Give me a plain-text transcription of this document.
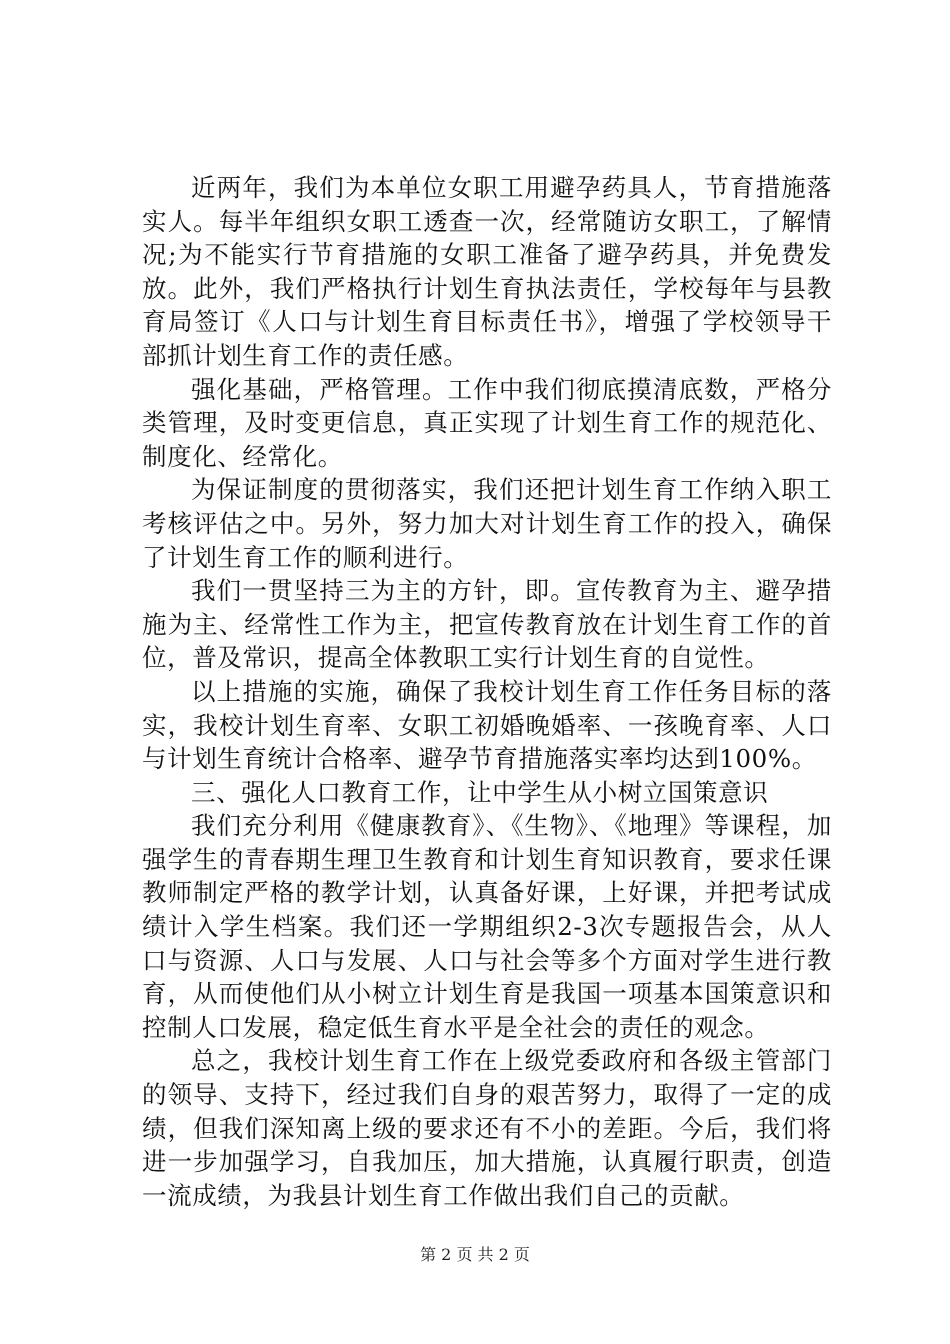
近两年，我们为本单位女职工用避孕药具人，节育措施落实人。每半年组织女职工透查一次，经常随访女职工，了解情况;为不能实行节育措施的女职工准备了避孕药具，并免费发放。此外，我们严格执行计划生育执法责任，学校每年与县教育局签订《人口与计划生育目标责任书》，增强了学校领导干部抓计划生育工作的责任感。

强化基础，严格管理。工作中我们彻底摸清底数，严格分类管理，及时变更信息，真正实现了计划生育工作的规范化、制度化、经常化。

为保证制度的贯彻落实，我们还把计划生育工作纳入职工考核评估之中。另外，努力加大对计划生育工作的投入，确保了计划生育工作的顺利进行。

我们一贯坚持三为主的方针，即。宣传教育为主、避孕措施为主、经常性工作为主，把宣传教育放在计划生育工作的首位，普及常识，提高全体教职工实行计划生育的自觉性。

以上措施的实施，确保了我校计划生育工作任务目标的落实，我校计划生育率、女职工初婚晚婚率、一孩晚育率、人口与计划生育统计合格率、避孕节育措施落实率均达到100%。

三、强化人口教育工作，让中学生从小树立国策意识

我们充分利用《健康教育》、《生物》、《地理》等课程，加强学生的青春期生理卫生教育和计划生育知识教育，要求任课教师制定严格的教学计划，认真备好课，上好课，并把考试成绩计入学生档案。我们还一学期组织2-3次专题报告会，从人口与资源、人口与发展、人口与社会等多个方面对学生进行教育，从而使他们从小树立计划生育是我国一项基本国策意识和控制人口发展，稳定低生育水平是全社会的责任的观念。

总之，我校计划生育工作在上级党委政府和各级主管部门的领导、支持下，经过我们自身的艰苦努力，取得了一定的成绩，但我们深知离上级的要求还有不小的差距。今后，我们将进一步加强学习，自我加压，加大措施，认真履行职责，创造一流成绩，为我县计划生育工作做出我们自己的贡献。

第 2 页 共 2 页
